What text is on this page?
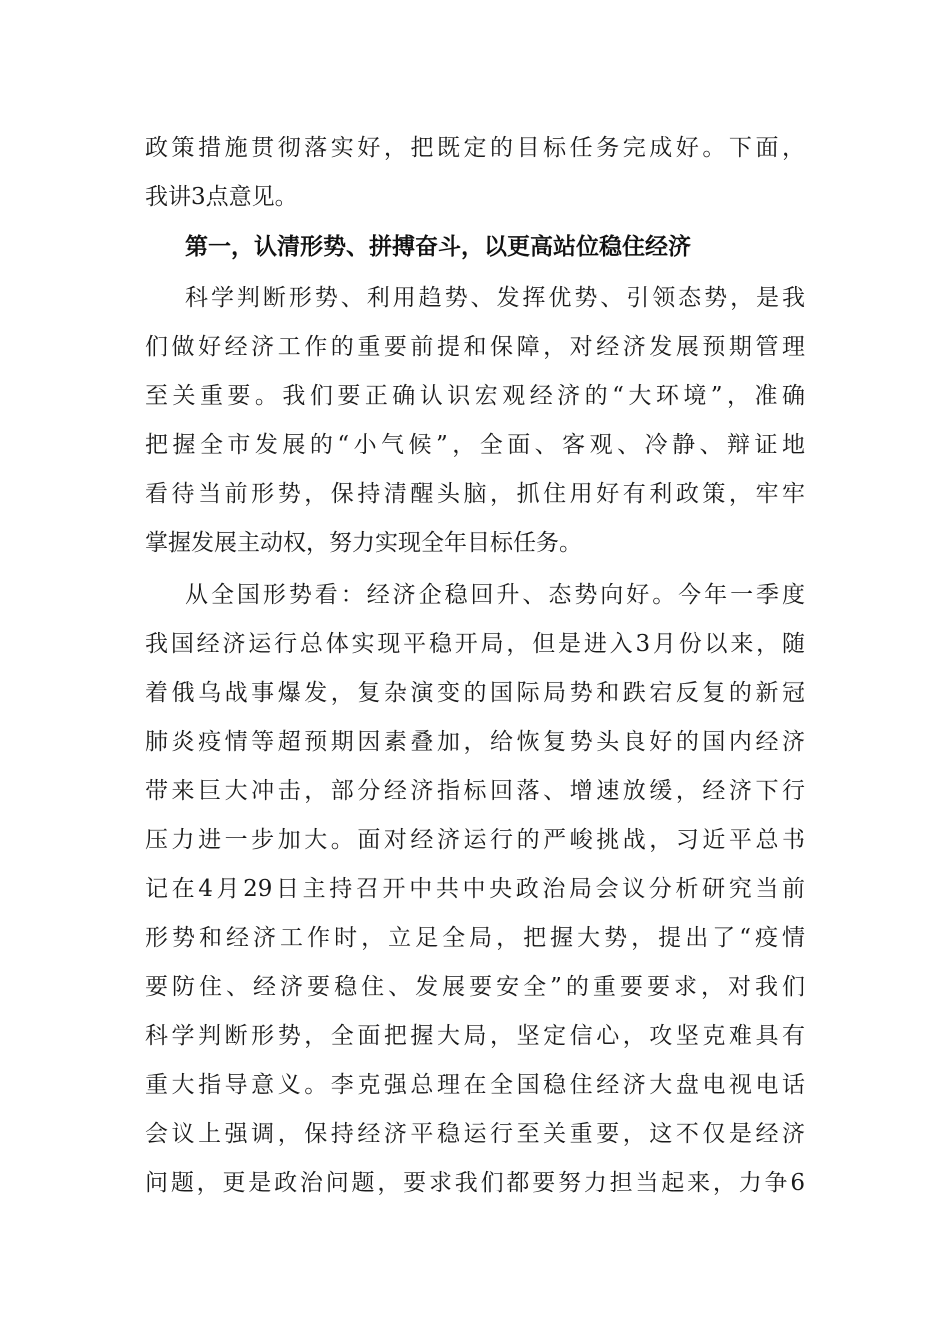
政策措施贯彻落实好，把既定的目标任务完成好。下面，
我讲3点意见。

第一，认清形势、拼搏奋斗，以更高站位稳住经济

科学判断形势、利用趋势、发挥优势、引领态势，是我
们做好经济工作的重要前提和保障，对经济发展预期管理
至关重要。我们要正确认识宏观经济的“大环境”，准确
把握全市发展的“小气候”，全面、客观、冷静、辩证地
看待当前形势，保持清醒头脑，抓住用好有利政策，牢牢
掌握发展主动权，努力实现全年目标任务。

从全国形势看：经济企稳回升、态势向好。今年一季度
我国经济运行总体实现平稳开局，但是进入3月份以来，随
着俄乌战事爆发，复杂演变的国际局势和跌宕反复的新冠
肺炎疫情等超预期因素叠加，给恢复势头良好的国内经济
带来巨大冲击，部分经济指标回落、增速放缓，经济下行
压力进一步加大。面对经济运行的严峻挑战，习近平总书
记在4月29日主持召开中共中央政治局会议分析研究当前
形势和经济工作时，立足全局，把握大势，提出了“疫情
要防住、经济要稳住、发展要安全”的重要要求，对我们
科学判断形势，全面把握大局，坚定信心，攻坚克难具有
重大指导意义。李克强总理在全国稳住经济大盘电视电话
会议上强调，保持经济平稳运行至关重要，这不仅是经济
问题，更是政治问题，要求我们都要努力担当起来，力争6
